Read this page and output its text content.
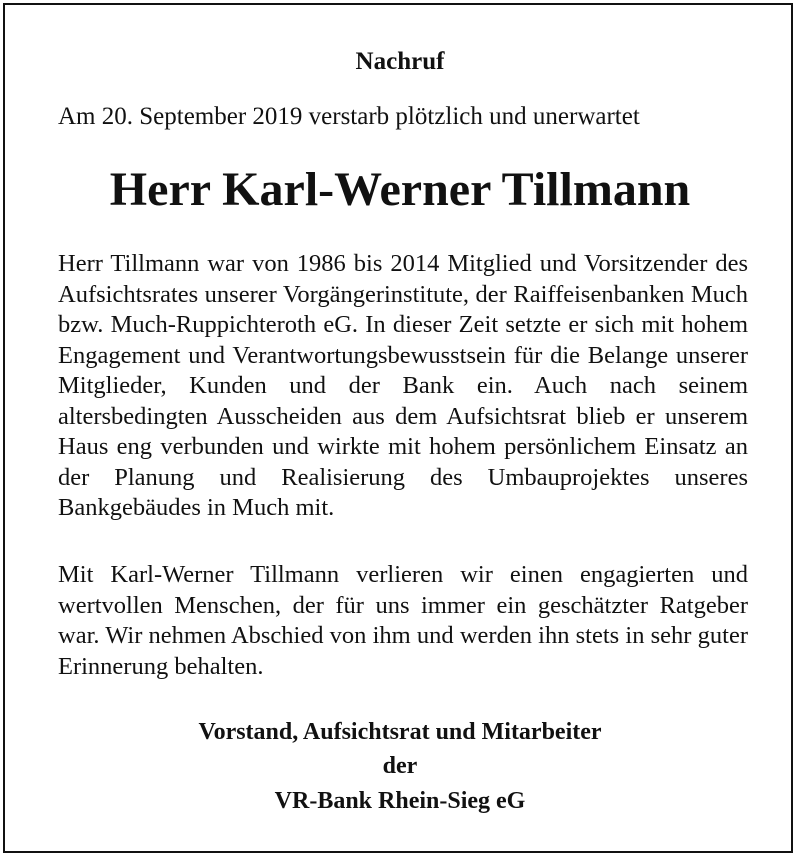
Nachruf
Am 20. September 2019 verstarb plötzlich und unerwartet
Herr Karl-Werner Tillmann

Herr Tillmann war von 1986 bis 2014 Mitglied und Vorsitzender des Aufsichtsrates unserer Vorgängerinstitute, der Raiffeisenbanken Much bzw. Much-Ruppichteroth eG. In dieser Zeit setzte er sich mit hohem Engagement und Verantwortungsbewusstsein für die Belange unserer Mitglieder, Kunden und der Bank ein. Auch nach seinem altersbedingten Ausscheiden aus dem Aufsichtsrat blieb er unserem Haus eng verbunden und wirkte mit hohem persönlichem Einsatz an der Planung und Realisierung des Umbauprojektes unseres Bankgebäudes in Much mit.

Mit Karl-Werner Tillmann verlieren wir einen engagierten und wertvollen Menschen, der für uns immer ein geschätzter Ratgeber war. Wir nehmen Abschied von ihm und werden ihn stets in sehr guter Erinnerung behalten.

Vorstand, Aufsichtsrat und Mitarbeiter
der
VR-Bank Rhein-Sieg eG
